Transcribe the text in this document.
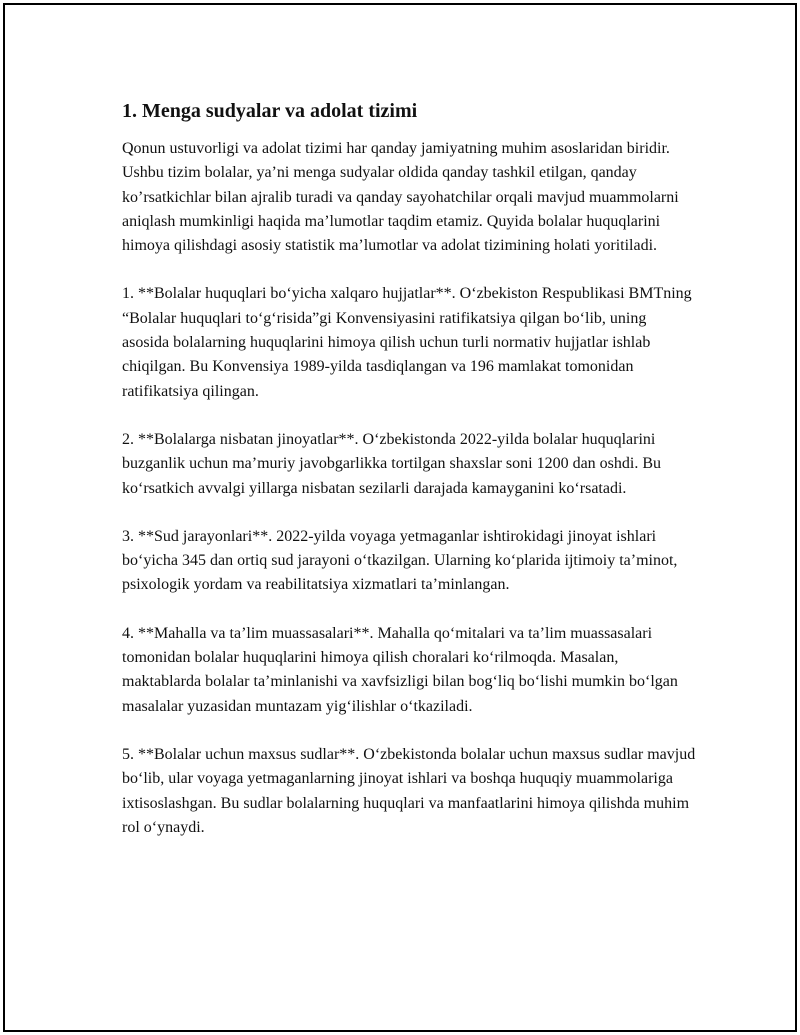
1. Menga sudyalar va adolat tizimi

Qonun ustuvorligi va adolat tizimi har qanday jamiyatning muhim asoslaridan biridir. Ushbu tizim bolalar, ya’ni menga sudyalar oldida qanday tashkil etilgan, qanday ko’rsatkichlar bilan ajralib turadi va qanday sayohatchilar orqali mavjud muammolarni aniqlash mumkinligi haqida ma’lumotlar taqdim etamiz. Quyida bolalar huquqlarini himoya qilishdagi asosiy statistik ma’lumotlar va adolat tizimining holati yoritiladi.

1. **Bolalar huquqlari bo‘yicha xalqaro hujjatlar**. O‘zbekiston Respublikasi BMTning “Bolalar huquqlari to‘g‘risida”gi Konvensiyasini ratifikatsiya qilgan bo‘lib, uning asosida bolalarning huquqlarini himoya qilish uchun turli normativ hujjatlar ishlab chiqilgan. Bu Konvensiya 1989-yilda tasdiqlangan va 196 mamlakat tomonidan ratifikatsiya qilingan.

2. **Bolalarga nisbatan jinoyatlar**. O‘zbekistonda 2022-yilda bolalar huquqlarini buzganlik uchun ma’muriy javobgarlikka tortilgan shaxslar soni 1200 dan oshdi. Bu ko‘rsatkich avvalgi yillarga nisbatan sezilarli darajada kamayganini ko‘rsatadi.

3. **Sud jarayonlari**. 2022-yilda voyaga yetmaganlar ishtirokidagi jinoyat ishlari bo‘yicha 345 dan ortiq sud jarayoni o‘tkazilgan. Ularning ko‘plarida ijtimoiy ta’minot, psixologik yordam va reabilitatsiya xizmatlari ta’minlangan.

4. **Mahalla va ta’lim muassasalari**. Mahalla qo‘mitalari va ta’lim muassasalari tomonidan bolalar huquqlarini himoya qilish choralari ko‘rilmoqda. Masalan, maktablarda bolalar ta’minlanishi va xavfsizligi bilan bog‘liq bo‘lishi mumkin bo‘lgan masalalar yuzasidan muntazam yig‘ilishlar o‘tkaziladi.

5. **Bolalar uchun maxsus sudlar**. O‘zbekistonda bolalar uchun maxsus sudlar mavjud bo‘lib, ular voyaga yetmaganlarning jinoyat ishlari va boshqa huquqiy muammolariga ixtisoslashgan. Bu sudlar bolalarning huquqlari va manfaatlarini himoya qilishda muhim rol o‘ynaydi.
